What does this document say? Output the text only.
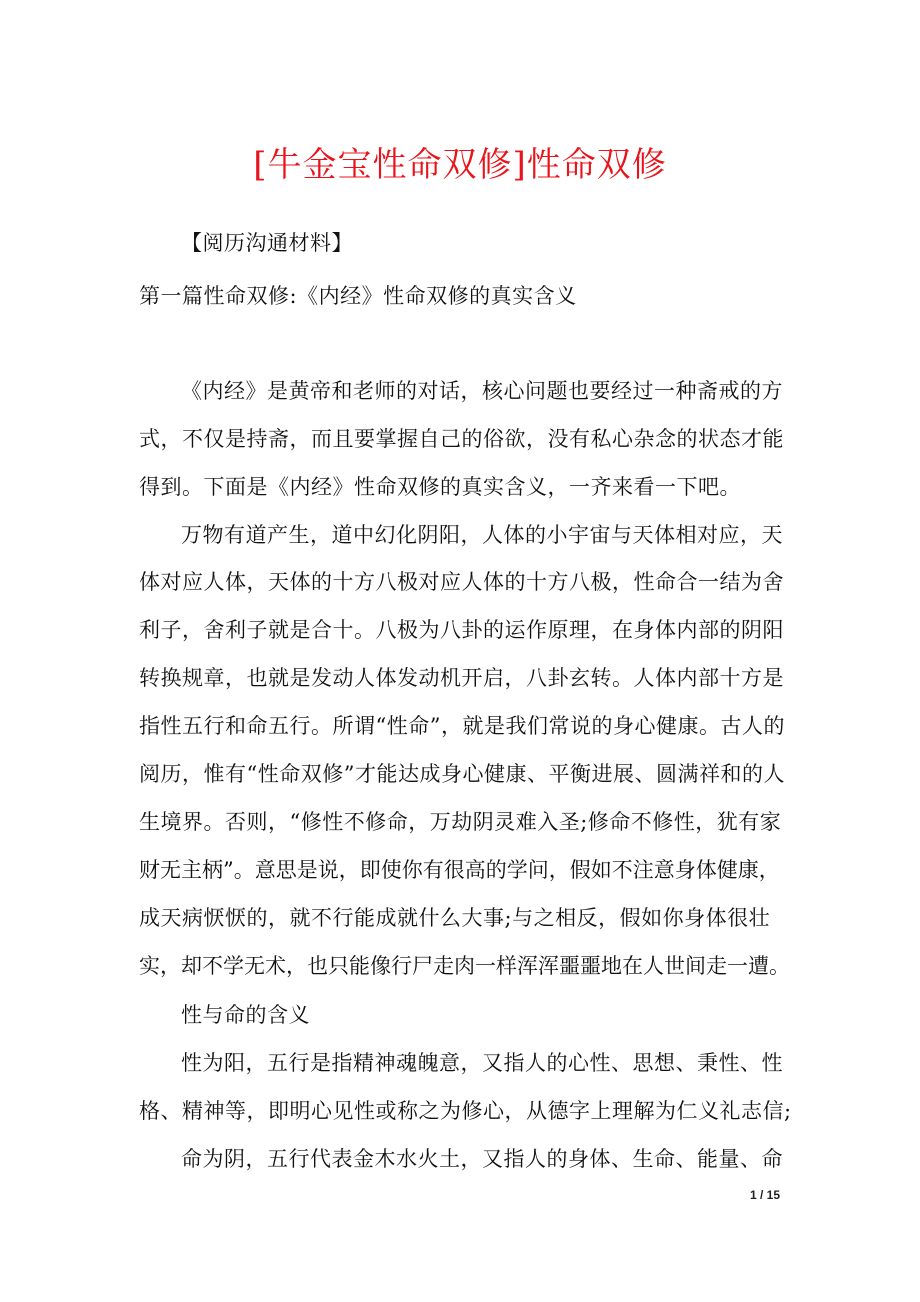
[牛金宝性命双修]性命双修
【阅历沟通材料】
第一篇性命双修:《内经》性命双修的真实含义
《内经》是黄帝和老师的对话，核心问题也要经过一种斋戒的方
式，不仅是持斋，而且要掌握自己的俗欲，没有私心杂念的状态才能
得到。下面是《内经》性命双修的真实含义，一齐来看一下吧。
万物有道产生，道中幻化阴阳，人体的小宇宙与天体相对应，天
体对应人体，天体的十方八极对应人体的十方八极，性命合一结为舍
利子，舍利子就是合十。八极为八卦的运作原理，在身体内部的阴阳
转换规章，也就是发动人体发动机开启，八卦玄转。人体内部十方是
指性五行和命五行。所谓“性命”，就是我们常说的身心健康。古人的
阅历，惟有“性命双修”才能达成身心健康、平衡进展、圆满祥和的人
生境界。否则，“修性不修命，万劫阴灵难入圣;修命不修性，犹有家
财无主柄”。意思是说，即使你有很高的学问，假如不注意身体健康，
成天病恹恹的，就不行能成就什么大事;与之相反，假如你身体很壮
实，却不学无术，也只能像行尸走肉一样浑浑噩噩地在人世间走一遭。
性与命的含义
性为阳，五行是指精神魂魄意，又指人的心性、思想、秉性、性
格、精神等，即明心见性或称之为修心，从德字上理解为仁义礼志信;
命为阴，五行代表金木水火土，又指人的身体、生命、能量、命
1 / 15
